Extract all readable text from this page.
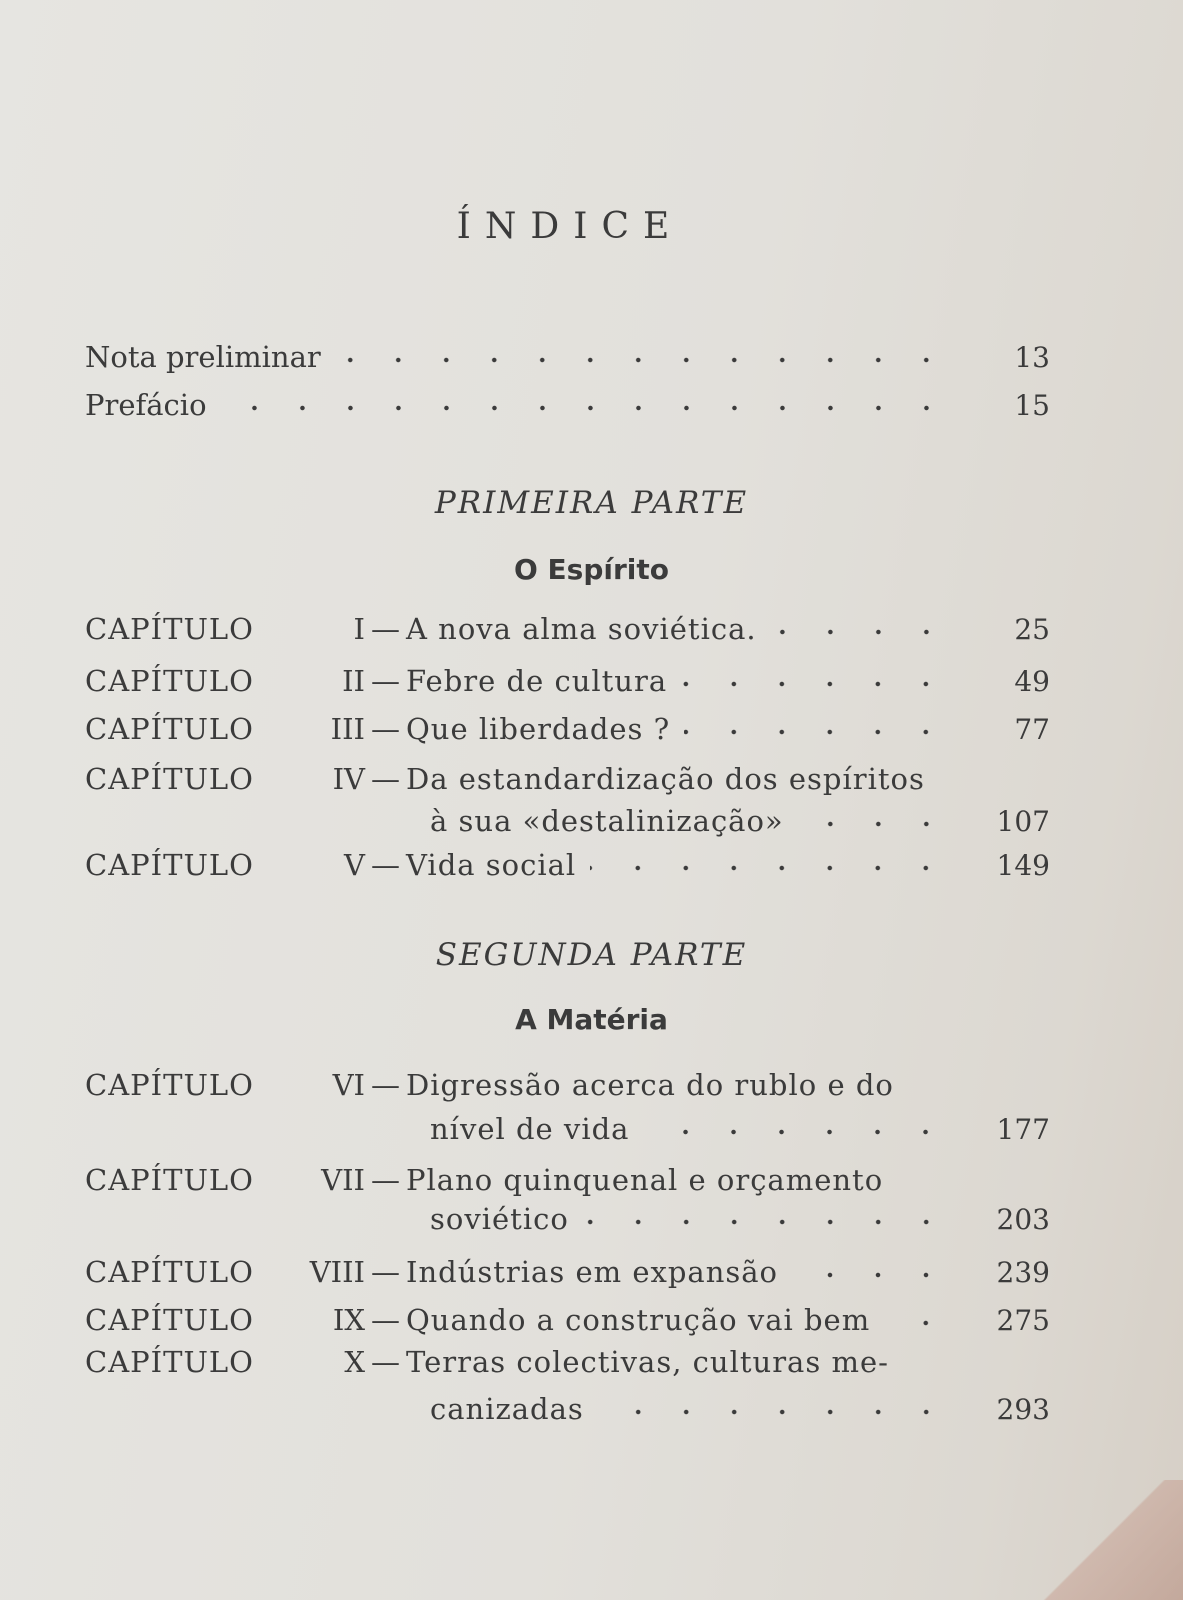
ÍNDICE
Nota preliminar	13
Prefácio	15
PRIMEIRA PARTE
O Espírito
CAPÍTULO	I — A nova alma soviética.	25
CAPÍTULO	II — Febre de cultura	49
CAPÍTULO	III — Que liberdades ?	77
CAPÍTULO	IV — Da estandardização dos espíritos
à sua «destalinização»	107
CAPÍTULO	V — Vida social	149
SEGUNDA PARTE
A Matéria
CAPÍTULO	VI — Digressão acerca do rublo e do
nível de vida	177
CAPÍTULO	VII — Plano quinquenal e orçamento
soviético	203
CAPÍTULO	VIII — Indústrias em expansão	239
CAPÍTULO	IX — Quando a construção vai bem	275
CAPÍTULO	X — Terras colectivas, culturas me-
canizadas	293
